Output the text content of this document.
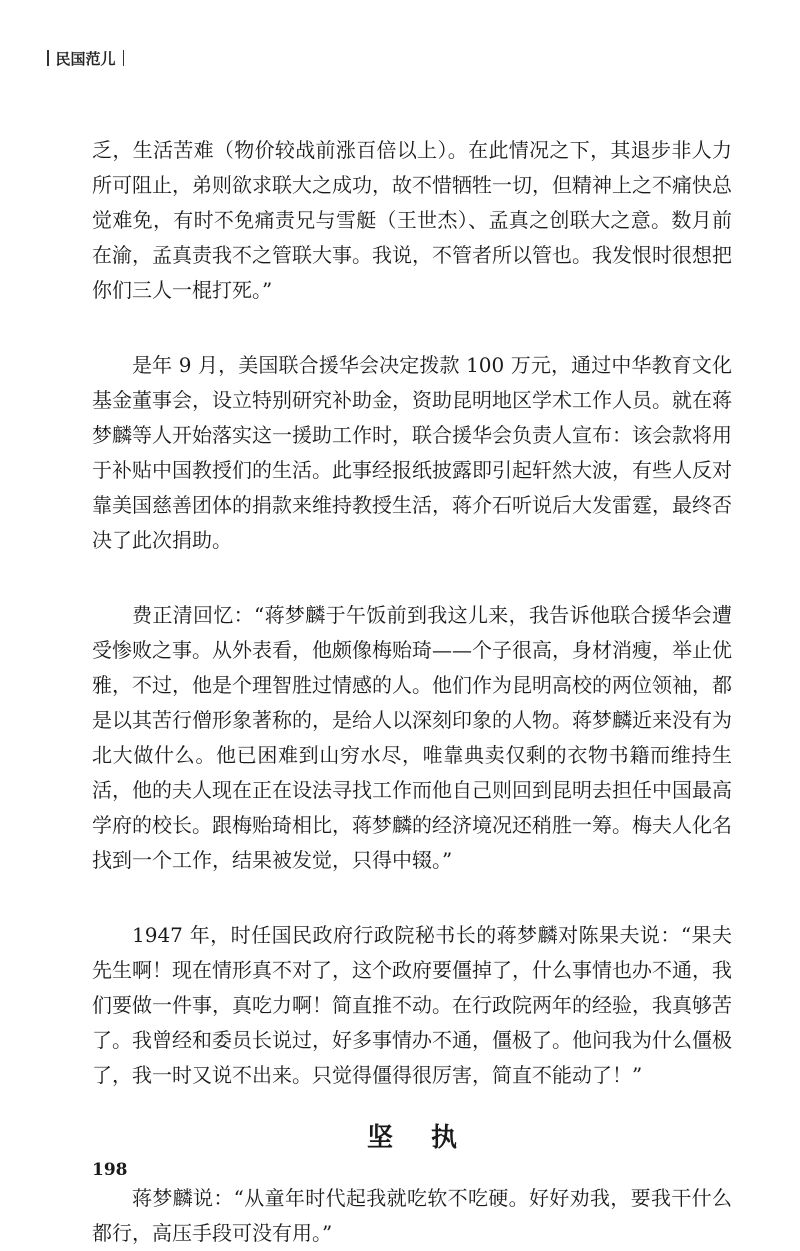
民国范儿

乏，生活苦难（物价较战前涨百倍以上）。在此情况之下，其退步非人力所可阻止，弟则欲求联大之成功，故不惜牺牲一切，但精神上之不痛快总觉难免，有时不免痛责兄与雪艇（王世杰）、孟真之创联大之意。数月前在渝，孟真责我不之管联大事。我说，不管者所以管也。我发恨时很想把你们三人一棍打死。”

是年 9 月，美国联合援华会决定拨款 100 万元，通过中华教育文化基金董事会，设立特别研究补助金，资助昆明地区学术工作人员。就在蒋梦麟等人开始落实这一援助工作时，联合援华会负责人宣布：该会款将用于补贴中国教授们的生活。此事经报纸披露即引起轩然大波，有些人反对靠美国慈善团体的捐款来维持教授生活，蒋介石听说后大发雷霆，最终否决了此次捐助。

费正清回忆：“蒋梦麟于午饭前到我这儿来，我告诉他联合援华会遭受惨败之事。从外表看，他颇像梅贻琦——个子很高，身材消瘦，举止优雅，不过，他是个理智胜过情感的人。他们作为昆明高校的两位领袖，都是以其苦行僧形象著称的，是给人以深刻印象的人物。蒋梦麟近来没有为北大做什么。他已困难到山穷水尽，唯靠典卖仅剩的衣物书籍而维持生活，他的夫人现在正在设法寻找工作而他自己则回到昆明去担任中国最高学府的校长。跟梅贻琦相比，蒋梦麟的经济境况还稍胜一筹。梅夫人化名找到一个工作，结果被发觉，只得中辍。”

1947 年，时任国民政府行政院秘书长的蒋梦麟对陈果夫说：“果夫先生啊！现在情形真不对了，这个政府要僵掉了，什么事情也办不通，我们要做一件事，真吃力啊！简直推不动。在行政院两年的经验，我真够苦了。我曾经和委员长说过，好多事情办不通，僵极了。他问我为什么僵极了，我一时又说不出来。只觉得僵得很厉害，简直不能动了！”

坚执

蒋梦麟说：“从童年时代起我就吃软不吃硬。好好劝我，要我干什么都行，高压手段可没有用。”

198
